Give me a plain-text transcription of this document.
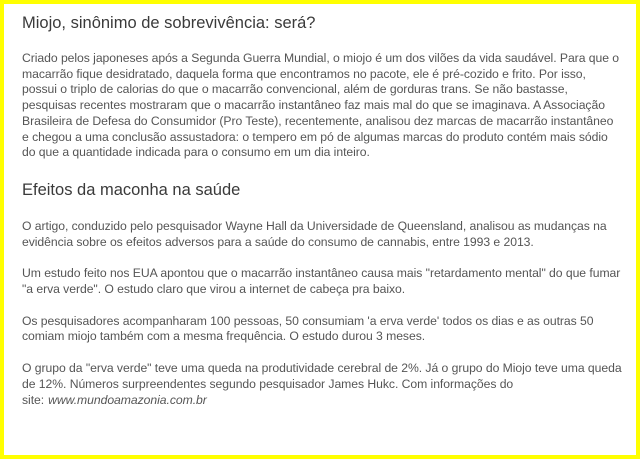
Miojo, sinônimo de sobrevivência: será?

Criado pelos japoneses após a Segunda Guerra Mundial, o miojo é um dos vilões da vida saudável. Para que o macarrão fique desidratado, daquela forma que encontramos no pacote, ele é pré-cozido e frito. Por isso, possui o triplo de calorias do que o macarrão convencional, além de gorduras trans. Se não bastasse, pesquisas recentes mostraram que o macarrão instantâneo faz mais mal do que se imaginava. A Associação Brasileira de Defesa do Consumidor (Pro Teste), recentemente, analisou dez marcas de macarrão instantâneo e chegou a uma conclusão assustadora: o tempero em pó de algumas marcas do produto contém mais sódio do que a quantidade indicada para o consumo em um dia inteiro.

Efeitos da maconha na saúde

O artigo, conduzido pelo pesquisador Wayne Hall da Universidade de Queensland, analisou as mudanças na evidência sobre os efeitos adversos para a saúde do consumo de cannabis, entre 1993 e 2013.

Um estudo feito nos EUA apontou que o macarrão instantâneo causa mais "retardamento mental" do que fumar "a erva verde". O estudo claro que virou a internet de cabeça pra baixo.

Os pesquisadores acompanharam 100 pessoas, 50 consumiam 'a erva verde' todos os dias e as outras 50 comiam miojo também com a mesma frequência. O estudo durou 3 meses.

O grupo da "erva verde" teve uma queda na produtividade cerebral de 2%. Já o grupo do Miojo teve uma queda de 12%. Números surpreendentes segundo pesquisador James Hukc. Com informações do site: www.mundoamazonia.com.br
